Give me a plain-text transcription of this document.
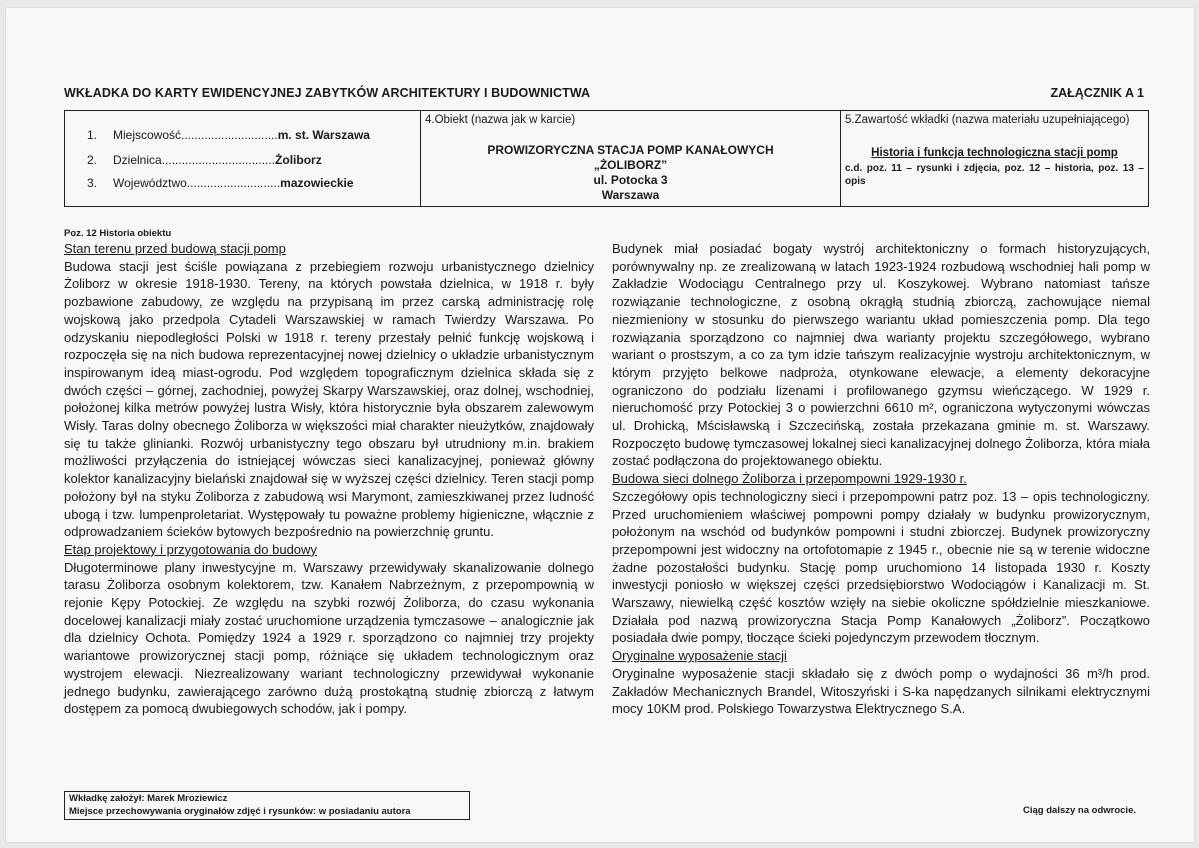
WKŁADKA DO KARTY EWIDENCYJNEJ ZABYTKÓW ARCHITEKTURY I BUDOWNICTWA	ZAŁĄCZNIK A 1
1. Miejscowość.............................m. st. Warszawa
2. Dzielnica..................................Żoliborz
3. Województwo............................mazowieckie
4.Obiekt (nazwa jak w karcie)
PROWIZORYCZNA STACJA POMP KANAŁOWYCH
„ŻOLIBORZ”
ul. Potocka 3
Warszawa
5.Zawartość wkładki (nazwa materiału uzupełniającego)
Historia i funkcja technologiczna stacji pomp
c.d. poz. 11 – rysunki i zdjęcia, poz. 12 – historia, poz. 13 – opis
Poz. 12 Historia obiektu
Stan terenu przed budową stacji pomp

Budowa stacji jest ściśle powiązana z przebiegiem rozwoju urbanistycznego dzielnicy Żoliborz w okresie 1918-1930. Tereny, na których powstała dzielnica, w 1918 r. były pozbawione zabudowy, ze względu na przypisaną im przez carską administrację rolę wojskową jako przedpola Cytadeli Warszawskiej w ramach Twierdzy Warszawa. Po odzyskaniu niepodległości Polski w 1918 r. tereny przestały pełnić funkcję wojskową i rozpoczęła się na nich budowa reprezentacyjnej nowej dzielnicy o układzie urbanistycznym inspirowanym ideą miast-ogrodu. Pod względem topograficznym dzielnica składa się z dwóch części – górnej, zachodniej, powyżej Skarpy Warszawskiej, oraz dolnej, wschodniej, położonej kilka metrów powyżej lustra Wisły, która historycznie była obszarem zalewowym Wisły. Taras dolny obecnego Żoliborza w większości miał charakter nieużytków, znajdowały się tu także glinianki. Rozwój urbanistyczny tego obszaru był utrudniony m.in. brakiem możliwości przyłączenia do istniejącej wówczas sieci kanalizacyjnej, ponieważ główny kolektor kanalizacyjny bielański znajdował się w wyższej części dzielnicy. Teren stacji pomp położony był na styku Żoliborza z zabudową wsi Marymont, zamieszkiwanej przez ludność ubogą i tzw. lumpenproletariat. Występowały tu poważne problemy higieniczne, włącznie z odprowadzaniem ścieków bytowych bezpośrednio na powierzchnię gruntu.

Etap projektowy i przygotowania do budowy

Długoterminowe plany inwestycyjne m. Warszawy przewidywały skanalizowanie dolnego tarasu Żoliborza osobnym kolektorem, tzw. Kanałem Nabrzeżnym, z przepompownią w rejonie Kępy Potockiej. Ze względu na szybki rozwój Żoliborza, do czasu wykonania docelowej kanalizacji miały zostać uruchomione urządzenia tymczasowe – analogicznie jak dla dzielnicy Ochota. Pomiędzy 1924 a 1929 r. sporządzono co najmniej trzy projekty wariantowe prowizorycznej stacji pomp, różniące się układem technologicznym oraz wystrojem elewacji. Niezrealizowany wariant technologiczny przewidywał wykonanie jednego budynku, zawierającego zarówno dużą prostokątną studnię zbiorczą z łatwym dostępem za pomocą dwubiegowych schodów, jak i pompy.

Budynek miał posiadać bogaty wystrój architektoniczny o formach historyzujących, porównywalny np. ze zrealizowaną w latach 1923-1924 rozbudową wschodniej hali pomp w Zakładzie Wodociągu Centralnego przy ul. Koszykowej. Wybrano natomiast tańsze rozwiązanie technologiczne, z osobną okrągłą studnią zbiorczą, zachowujące niemal niezmieniony w stosunku do pierwszego wariantu układ pomieszczenia pomp. Dla tego rozwiązania sporządzono co najmniej dwa warianty projektu szczegółowego, wybrano wariant o prostszym, a co za tym idzie tańszym realizacyjnie wystroju architektonicznym, w którym przyjęto belkowe nadproża, otynkowane elewacje, a elementy dekoracyjne ograniczono do podziału lizenami i profilowanego gzymsu wieńczącego. W 1929 r. nieruchomość przy Potockiej 3 o powierzchni 6610 m², ograniczona wytyczonymi wówczas ul. Drohicką, Mścisławską i Szczecińską, została przekazana gminie m. st. Warszawy. Rozpoczęto budowę tymczasowej lokalnej sieci kanalizacyjnej dolnego Żoliborza, która miała zostać podłączona do projektowanego obiektu.

Budowa sieci dolnego Żoliborza i przepompowni 1929-1930 r.

Szczegółowy opis technologiczny sieci i przepompowni patrz poz. 13 – opis technologiczny. Przed uruchomieniem właściwej pompowni pompy działały w budynku prowizorycznym, położonym na wschód od budynków pompowni i studni zbiorczej. Budynek prowizoryczny przepompowni jest widoczny na ortofotomapie z 1945 r., obecnie nie są w terenie widoczne żadne pozostałości budynku. Stację pomp uruchomiono 14 listopada 1930 r. Koszty inwestycji poniosło w większej części przedsiębiorstwo Wodociągów i Kanalizacji m. St. Warszawy, niewielką część kosztów wzięły na siebie okoliczne spółdzielnie mieszkaniowe. Działała pod nazwą prowizoryczna Stacja Pomp Kanałowych „Żoliborz”. Początkowo posiadała dwie pompy, tłoczące ścieki pojedynczym przewodem tłocznym.

Oryginalne wyposażenie stacji

Oryginalne wyposażenie stacji składało się z dwóch pomp o wydajności 36 m³/h prod. Zakładów Mechanicznych Brandel, Witoszyński i S-ka napędzanych silnikami elektrycznymi mocy 10KM prod. Polskiego Towarzystwa Elektrycznego S.A.

Wkładkę założył: Marek Mroziewicz
Miejsce przechowywania oryginałów zdjęć i rysunków: w posiadaniu autora	Ciąg dalszy na odwrocie.
